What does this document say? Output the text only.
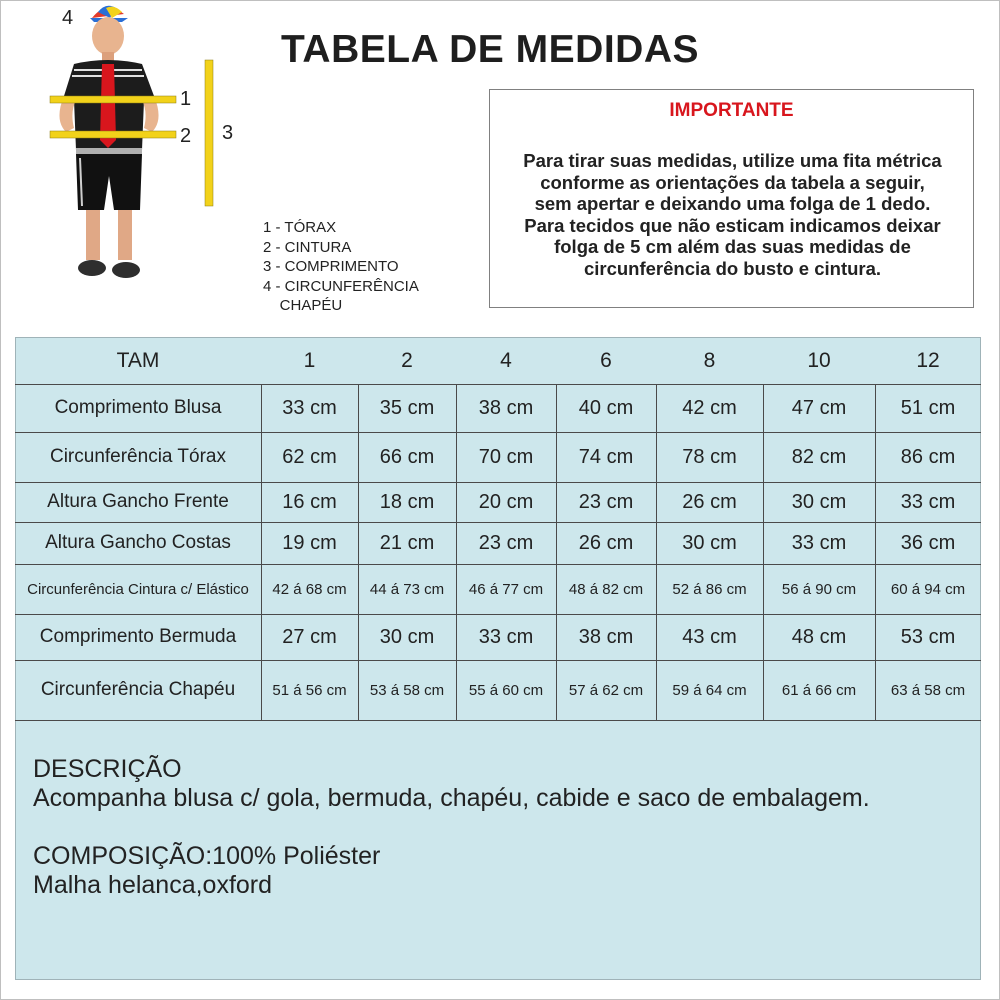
TABELA DE MEDIDAS
1
2 3
4
1 - TÓRAX
2 - CINTURA
3 - COMPRIMENTO
4 - CIRCUNFERÊNCIA
CHAPÉU
IMPORTANTE
Para tirar suas medidas, utilize uma fita métrica
conforme as orientações da tabela a seguir,
sem apertar e deixando uma folga de 1 dedo.
Para tecidos que não esticam indicamos deixar
folga de 5 cm além das suas medidas de
circunferência do busto e cintura.
TAM	1	2	4	6	8	10	12
Comprimento Blusa	33 cm	35 cm	38 cm	40 cm	42 cm	47 cm	51 cm
Circunferência Tórax	62 cm	66 cm	70 cm	74 cm	78 cm	82 cm	86 cm
Altura Gancho Frente	16 cm	18 cm	20 cm	23 cm	26 cm	30 cm	33 cm
Altura Gancho Costas	19 cm	21 cm	23 cm	26 cm	30 cm	33 cm	36 cm
Circunferência Cintura c/ Elástico	42 á 68 cm	44 á 73 cm	46 á 77 cm	48 á 82 cm	52 á 86 cm	56 á 90 cm	60 á 94 cm
Comprimento Bermuda	27 cm	30 cm	33 cm	38 cm	43 cm	48 cm	53 cm
Circunferência Chapéu	51 á 56 cm	53 á 58 cm	55 á 60 cm	57 á 62 cm	59 á 64 cm	61 á 66 cm	63 á 58 cm
DESCRIÇÃO
Acompanha blusa c/ gola, bermuda, chapéu, cabide e saco de embalagem.
COMPOSIÇÃO:100% Poliéster
Malha helanca,oxford
